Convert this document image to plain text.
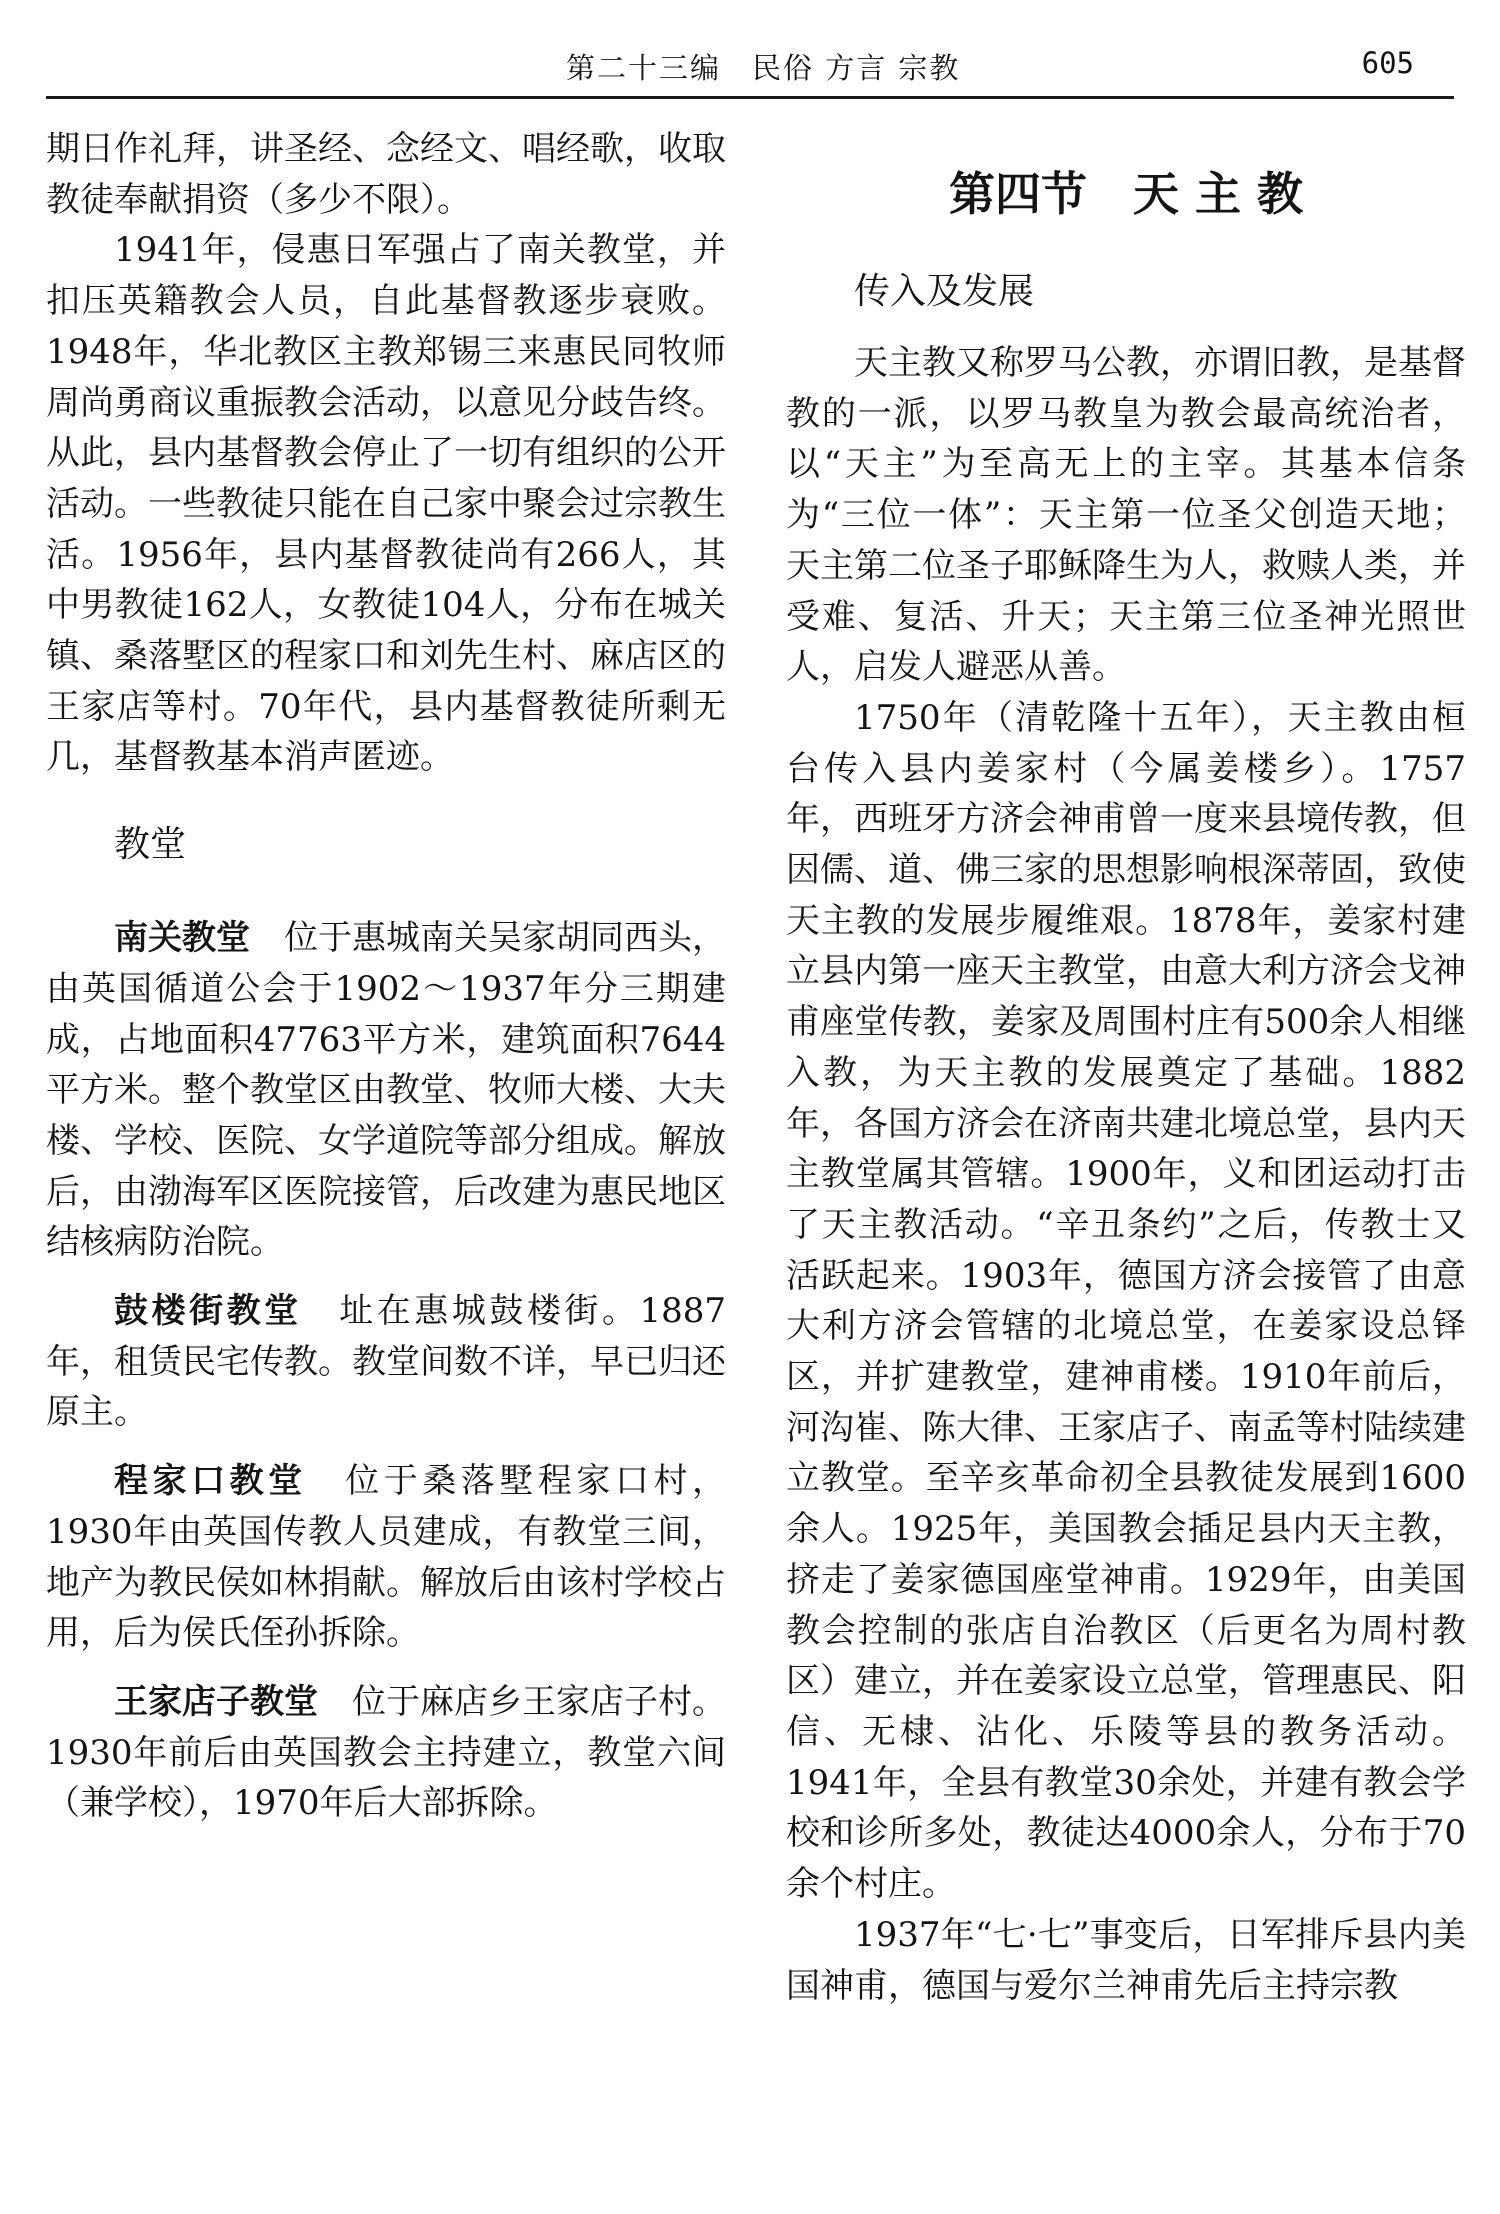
第二十三编　民俗 方言 宗教	605

期日作礼拜，讲圣经、念经文、唱经歌，收取教徒奉献捐资（多少不限）。

1941年，侵惠日军强占了南关教堂，并扣压英籍教会人员，自此基督教逐步衰败。1948年，华北教区主教郑锡三来惠民同牧师周尚勇商议重振教会活动，以意见分歧告终。从此，县内基督教会停止了一切有组织的公开活动。一些教徒只能在自己家中聚会过宗教生活。1956年，县内基督教徒尚有266人，其中男教徒162人，女教徒104人，分布在城关镇、桑落墅区的程家口和刘先生村、麻店区的王家店等村。70年代，县内基督教徒所剩无几，基督教基本消声匿迹。

教堂

南关教堂　 位于惠城南关吴家胡同西头，由英国循道公会于1902～1937年分三期建成，占地面积47763平方米，建筑面积7644平方米。整个教堂区由教堂、牧师大楼、大夫楼、学校、医院、女学道院等部分组成。解放后，由渤海军区医院接管，后改建为惠民地区结核病防治院。

鼓楼街教堂　 址在惠城鼓楼街。1887年，租赁民宅传教。教堂间数不详，早已归还原主。

程家口教堂　 位于桑落墅程家口村，1930年由英国传教人员建成，有教堂三间，地产为教民侯如林捐献。解放后由该村学校占用，后为侯氏侄孙拆除。

王家店子教堂　 位于麻店乡王家店子村。1930年前后由英国教会主持建立，教堂六间（兼学校），1970年后大部拆除。

第四节　天 主 教
传入及发展

天主教又称罗马公教，亦谓旧教，是基督教的一派，以罗马教皇为教会最高统治者，以“天主”为至高无上的主宰。其基本信条为“三位一体”：天主第一位圣父创造天地；天主第二位圣子耶稣降生为人，救赎人类，并受难、复活、升天；天主第三位圣神光照世人，启发人避恶从善。

1750年（清乾隆十五年），天主教由桓台传入县内姜家村（今属姜楼乡）。1757年，西班牙方济会神甫曾一度来县境传教，但因儒、道、佛三家的思想影响根深蒂固，致使天主教的发展步履维艰。1878年，姜家村建立县内第一座天主教堂，由意大利方济会戈神甫座堂传教，姜家及周围村庄有500余人相继入教，为天主教的发展奠定了基础。1882年，各国方济会在济南共建北境总堂，县内天主教堂属其管辖。1900年，义和团运动打击了天主教活动。“辛丑条约”之后，传教士又活跃起来。1903年，德国方济会接管了由意大利方济会管辖的北境总堂，在姜家设总铎区，并扩建教堂，建神甫楼。1910年前后，河沟崔、陈大律、王家店子、南孟等村陆续建立教堂。至辛亥革命初全县教徒发展到1600余人。1925年，美国教会插足县内天主教，挤走了姜家德国座堂神甫。1929年，由美国教会控制的张店自治教区（后更名为周村教区）建立，并在姜家设立总堂，管理惠民、阳信、无棣、沾化、乐陵等县的教务活动。1941年，全县有教堂30余处，并建有教会学校和诊所多处，教徒达4000余人，分布于70余个村庄。

1937年“七·七”事变后，日军排斥县内美国神甫，德国与爱尔兰神甫先后主持宗教
